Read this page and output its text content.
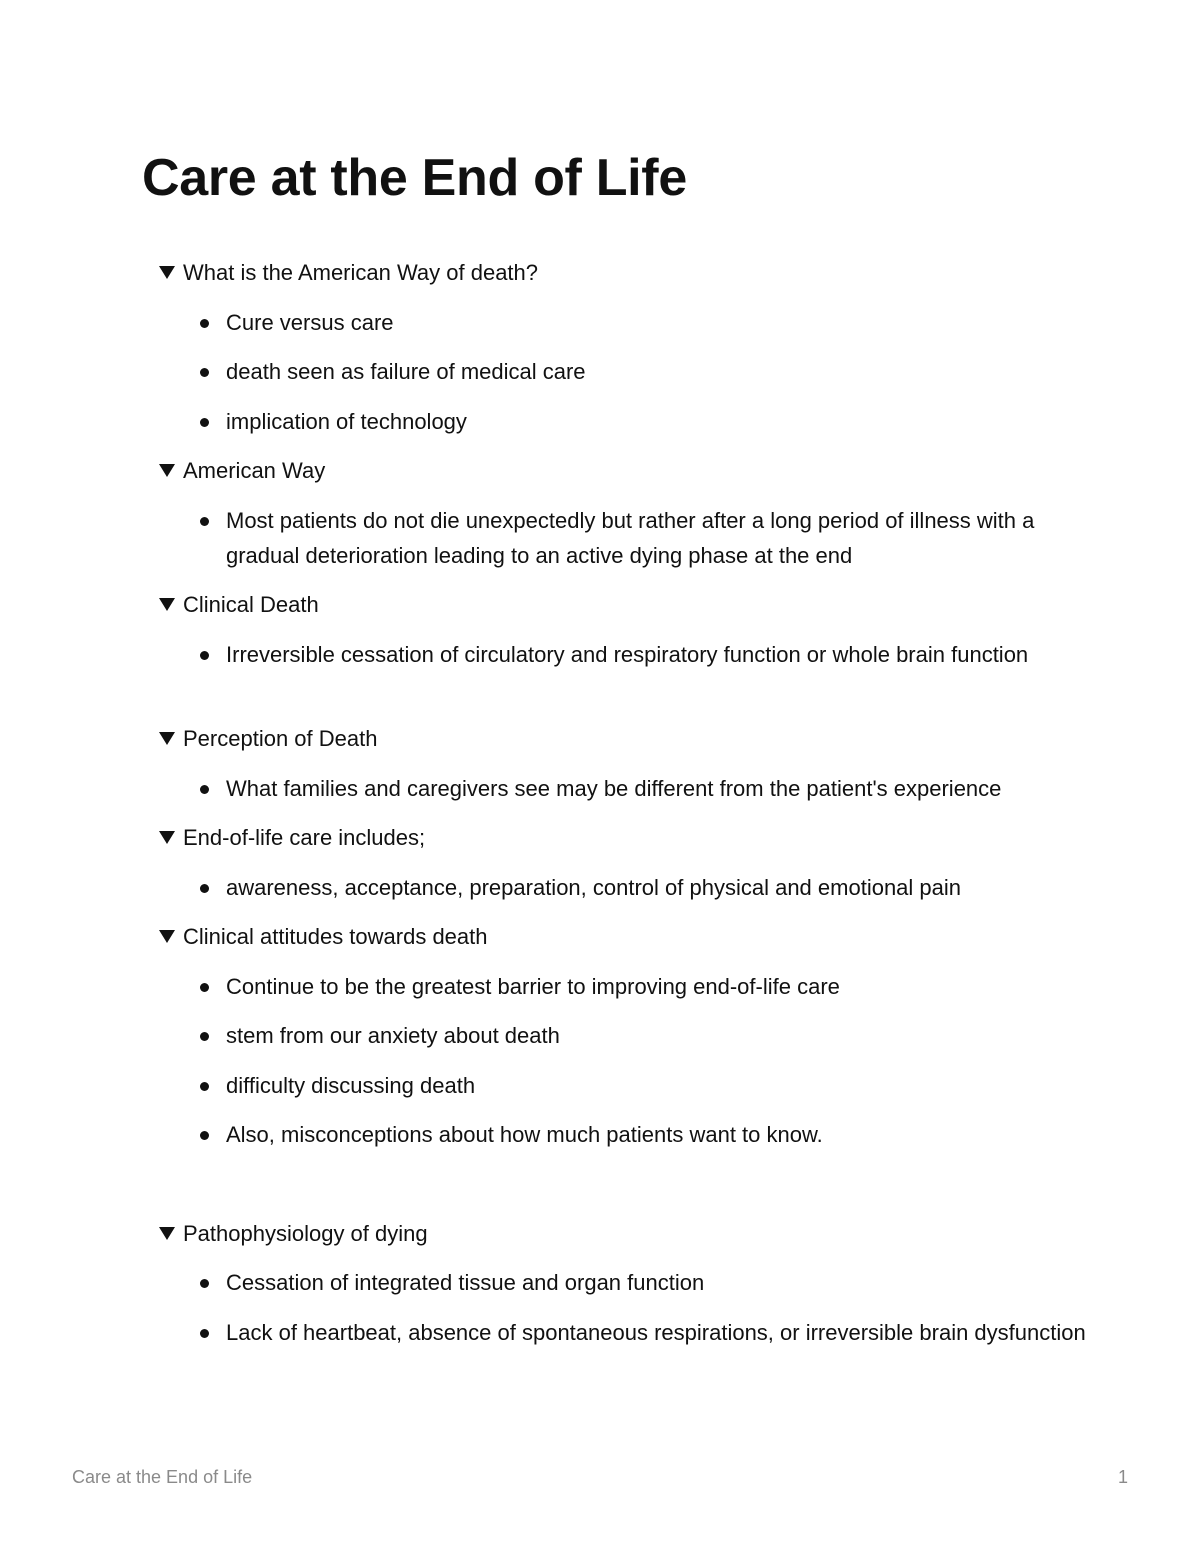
Care at the End of Life
What is the American Way of death?
Cure versus care
death seen as failure of medical care
implication of technology
American Way
Most patients do not die unexpectedly but rather after a long period of illness with a gradual deterioration leading to an active dying phase at the end
Clinical Death
Irreversible cessation of circulatory and respiratory function or whole brain function
Perception of Death
What families and caregivers see may be different from the patient's experience
End-of-life care includes;
awareness, acceptance, preparation, control of physical and emotional pain
Clinical attitudes towards death
Continue to be the greatest barrier to improving end-of-life care
stem from our anxiety about death
difficulty discussing death
Also, misconceptions about how much patients want to know.
Pathophysiology of dying
Cessation of integrated tissue and organ function
Lack of heartbeat, absence of spontaneous respirations, or irreversible brain dysfunction
Care at the End of Life	1
